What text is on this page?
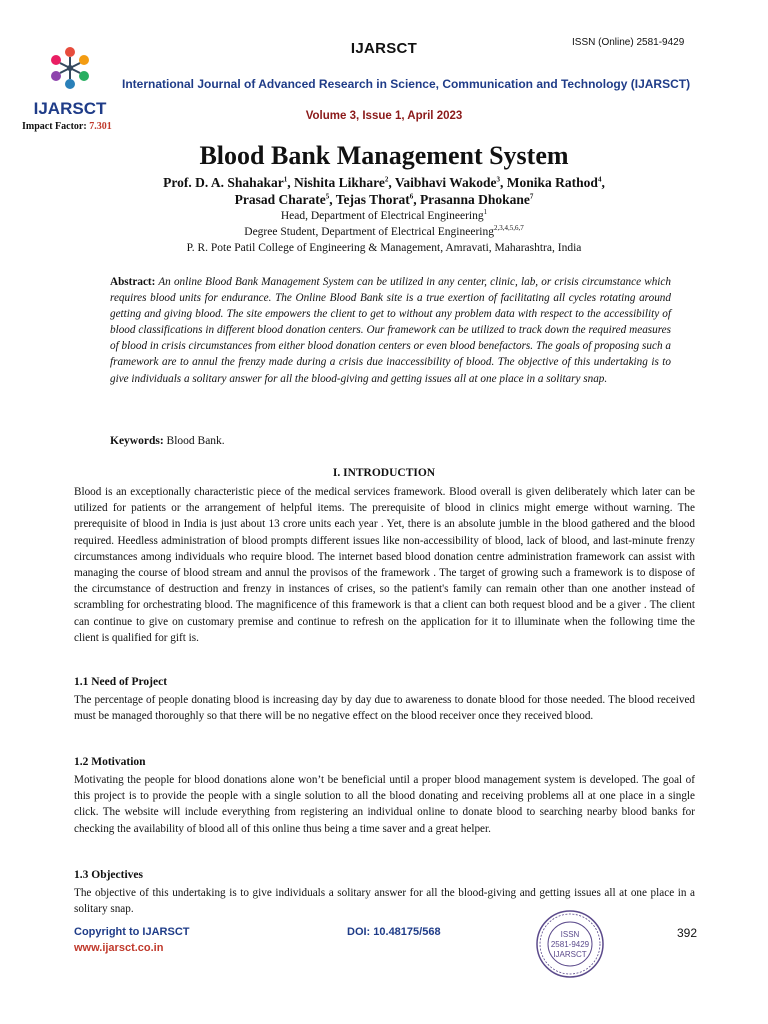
IJARSCT
Impact Factor: 7.301
IJARSCT	ISSN (Online) 2581-9429
International Journal of Advanced Research in Science, Communication and Technology (IJARSCT)
Volume 3, Issue 1, April 2023
Blood Bank Management System
Prof. D. A. Shahakar$^1$, Nishita Likhare$^2$, Vaibhavi Wakode$^3$, Monika Rathod$^4$,
Prasad Charate$^5$, Tejas Thorat$^6$, Prasanna Dhokane$^7$
Head, Department of Electrical Engineering$^1$
Degree Student, Department of Electrical Engineering$^{2,3,4,5,6,7}$
P. R. Pote Patil College of Engineering & Management, Amravati, Maharashtra, India
Abstract: An online Blood Bank Management System can be utilized in any center, clinic, lab, or crisis circumstance which requires blood units for endurance. The Online Blood Bank site is a true exertion of facilitating all cycles rotating around getting and giving blood. The site empowers the client to get to without any problem data with respect to the accessibility of blood classifications in different blood donation centers. Our framework can be utilized to track down the required measures of blood in crisis circumstances from either blood donation centers or even blood benefactors. The goals of proposing such a framework are to annul the frenzy made during a crisis due inaccessibility of blood. The objective of this undertaking is to give individuals a solitary answer for all the blood-giving and getting issues all at one place in a solitary snap.
Keywords: Blood Bank.
I. INTRODUCTION
Blood is an exceptionally characteristic piece of the medical services framework. Blood overall is given deliberately which later can be utilized for patients or the arrangement of helpful items. The prerequisite of blood in clinics might emerge without warning. The prerequisite of blood in India is just about 13 crore units each year . Yet, there is an absolute jumble in the blood gathered and the blood required. Heedless administration of blood prompts different issues like non-accessibility of blood, lack of blood, and last-minute frenzy circumstances among individuals who require blood. The internet based blood donation centre administration framework can assist with managing the course of blood stream and annul the provisos of the framework . The target of growing such a framework is to dispose of the circumstance of destruction and frenzy in instances of crises, so the patient's family can remain other than one another instead of scrambling for orchestrating blood. The magnificence of this framework is that a client can both request blood and be a giver . The client can continue to give on customary premise and continue to refresh on the application for it to illuminate when the following time the client is qualified for gift is.
1.1 Need of Project
The percentage of people donating blood is increasing day by day due to awareness to donate blood for those needed. The blood received must be managed thoroughly so that there will be no negative effect on the blood receiver once they received blood.
1.2 Motivation
Motivating the people for blood donations alone won’t be beneficial until a proper blood management system is developed. The goal of this project is to provide the people with a single solution to all the blood donating and receiving problems all at one place in a single click. The website will include everything from registering an individual online to donate blood to searching nearby blood banks for checking the availability of blood all of this online thus being a time saver and a great helper.
1.3 Objectives
The objective of this undertaking is to give individuals a solitary answer for all the blood-giving and getting issues all at one place in a solitary snap.
Copyright to IJARSCT
www.ijarsct.co.in
DOI: 10.48175/568	392
ISSN
2581-9429
IJARSCT
